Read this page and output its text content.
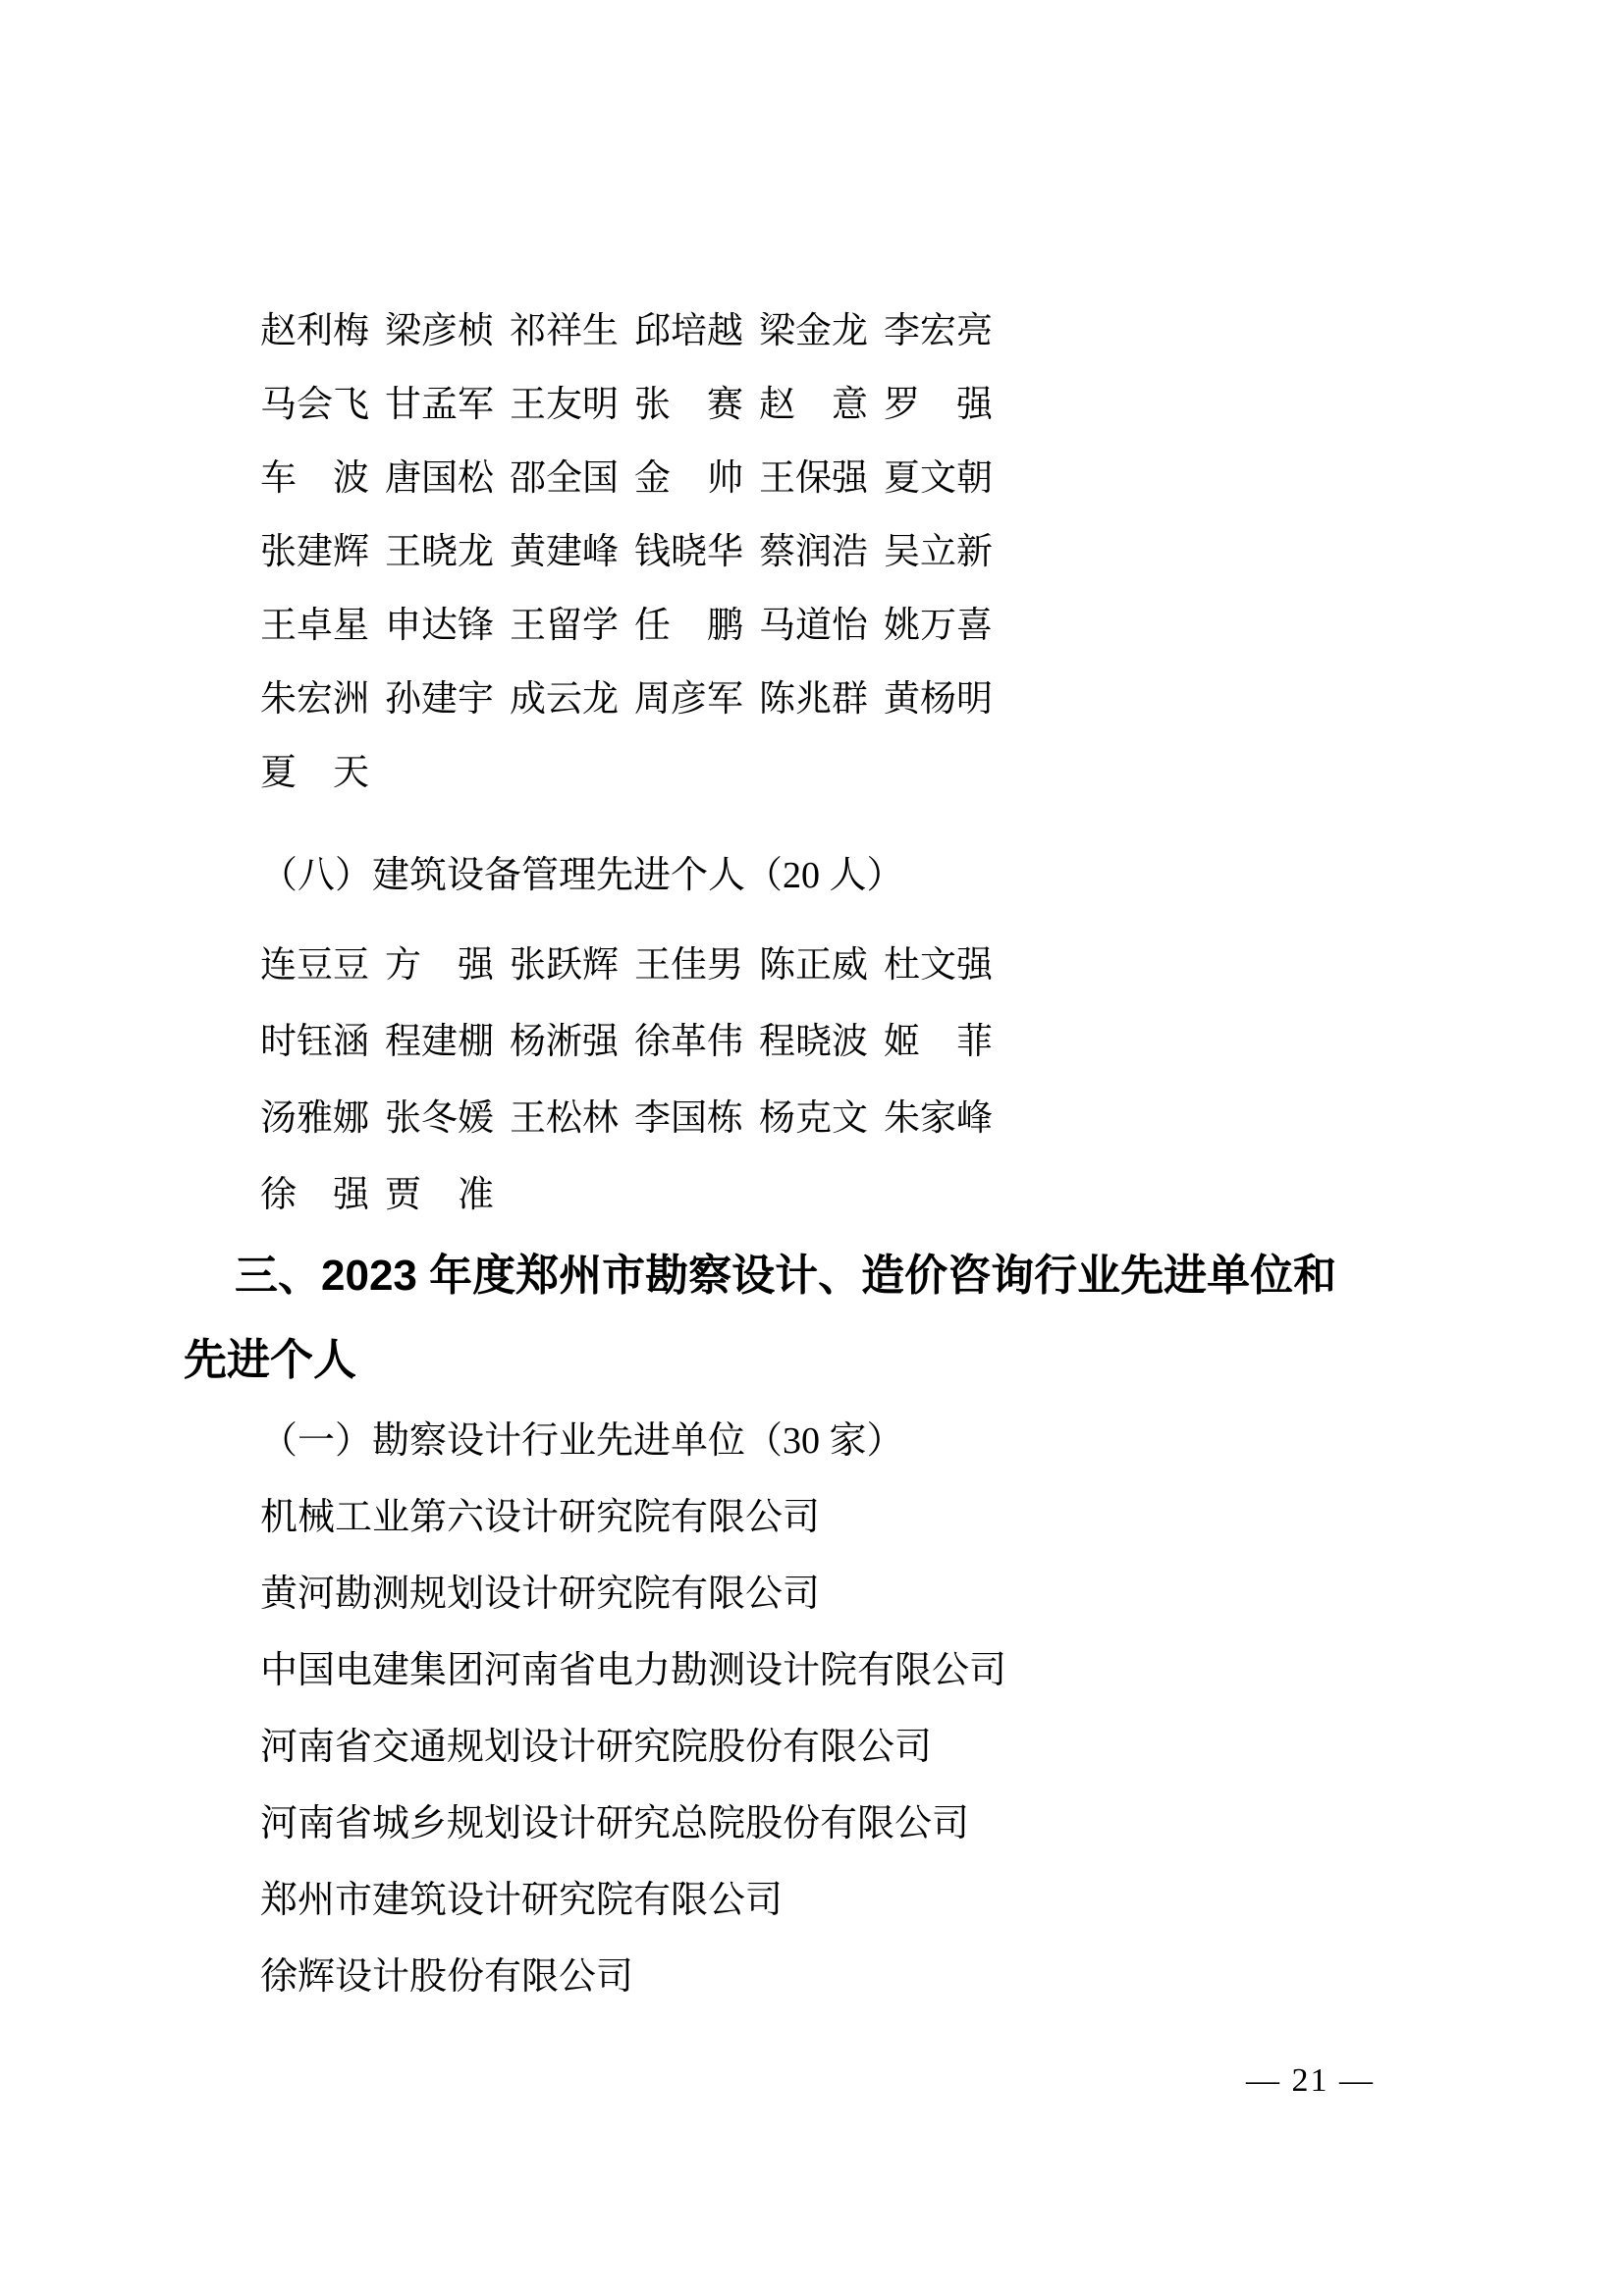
赵利梅 梁彦桢 祁祥生 邱培越 梁金龙 李宏亮
马会飞 甘孟军 王友明 张　赛 赵　意 罗　强
车　波 唐国松 邵全国 金　帅 王保强 夏文朝
张建辉 王晓龙 黄建峰 钱晓华 蔡润浩 吴立新
王卓星 申达锋 王留学 任　鹏 马道怡 姚万喜
朱宏洲 孙建宇 成云龙 周彦军 陈兆群 黄杨明
夏　天
（八）建筑设备管理先进个人（20 人）
连豆豆 方　强 张跃辉 王佳男 陈正威 杜文强
时钰涵 程建棚 杨淅强 徐革伟 程晓波 姬　菲
汤雅娜 张冬媛 王松林 李国栋 杨克文 朱家峰
徐　强 贾　准
三、2023 年度郑州市勘察设计、造价咨询行业先进单位和
先进个人
（一）勘察设计行业先进单位（30 家）
机械工业第六设计研究院有限公司
黄河勘测规划设计研究院有限公司
中国电建集团河南省电力勘测设计院有限公司
河南省交通规划设计研究院股份有限公司
河南省城乡规划设计研究总院股份有限公司
郑州市建筑设计研究院有限公司
徐辉设计股份有限公司
— 21 —
